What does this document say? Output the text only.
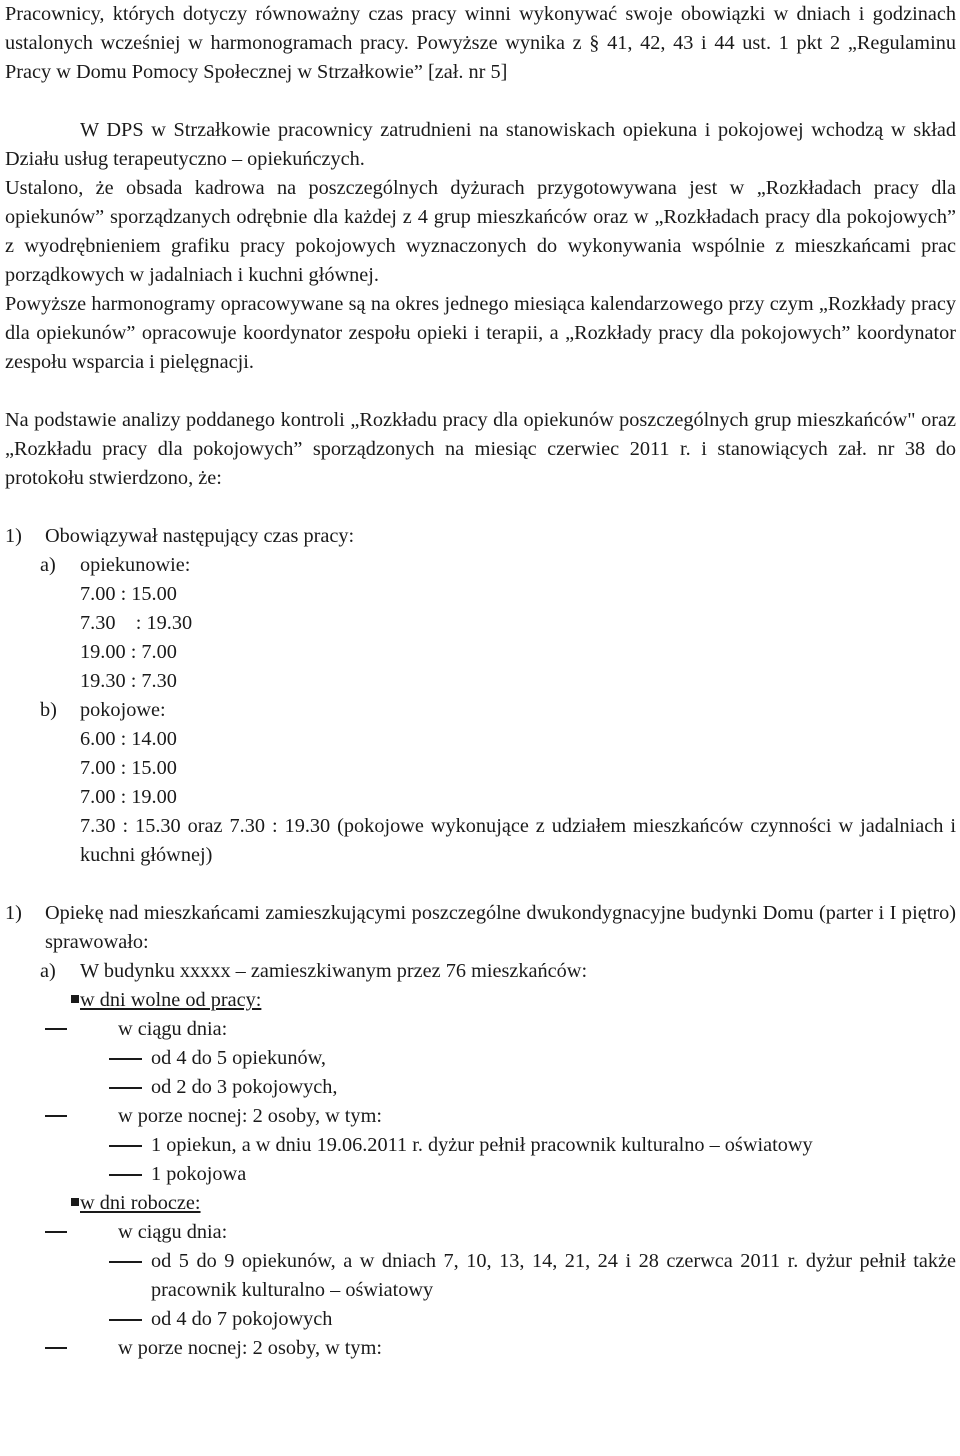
Pracownicy, których dotyczy równoważny czas pracy winni wykonywać swoje obowiązki w dniach i godzinach ustalonych wcześniej w harmonogramach pracy. Powyższe wynika z § 41, 42, 43 i 44 ust. 1 pkt 2 „Regulaminu Pracy w Domu Pomocy Społecznej w Strzałkowie” [zał. nr 5]

W DPS w Strzałkowie pracownicy zatrudnieni na stanowiskach opiekuna i pokojowej wchodzą w skład Działu usług terapeutyczno – opiekuńczych.

Ustalono, że obsada kadrowa na poszczególnych dyżurach przygotowywana jest w „Rozkładach pracy dla opiekunów” sporządzanych odrębnie dla każdej z 4 grup mieszkańców oraz w „Rozkładach pracy dla pokojowych” z wyodrębnieniem grafiku pracy pokojowych wyznaczonych do wykonywania wspólnie z mieszkańcami prac porządkowych w jadalniach i kuchni głównej.

Powyższe harmonogramy opracowywane są na okres jednego miesiąca kalendarzowego przy czym „Rozkłady pracy dla opiekunów” opracowuje koordynator zespołu opieki i terapii, a „Rozkłady pracy dla pokojowych” koordynator zespołu wsparcia i pielęgnacji.

Na podstawie analizy poddanego kontroli „Rozkładu pracy dla opiekunów poszczególnych grup mieszkańców" oraz „Rozkładu pracy dla pokojowych” sporządzonych na miesiąc czerwiec 2011 r. i stanowiących zał. nr 38 do protokołu stwierdzono, że:

1) Obowiązywał następujący czas pracy:
a) opiekunowie:
7.00 : 15.00
7.30    : 19.30
19.00 : 7.00
19.30 : 7.30
b) pokojowe:
6.00 : 14.00
7.00 : 15.00
7.00 : 19.00

7.30 : 15.30 oraz 7.30 : 19.30 (pokojowe wykonujące z udziałem mieszkańców czynności w jadalniach i kuchni głównej)

1) Opiekę nad mieszkańcami zamieszkującymi poszczególne dwukondygnacyjne budynki Domu (parter i I piętro) sprawowało:

a) W budynku xxxxx – zamieszkiwanym przez 76 mieszkańców:
w dni wolne od pracy:
w ciągu dnia:
od 4 do 5 opiekunów,
od 2 do 3 pokojowych,
w porze nocnej: 2 osoby, w tym:

1 opiekun, a w dniu 19.06.2011 r. dyżur pełnił pracownik kulturalno – oświatowy

1 pokojowa
w dni robocze:
w ciągu dnia:

od 5 do 9 opiekunów, a w dniach 7, 10, 13, 14, 21, 24 i 28 czerwca 2011 r. dyżur pełnił także pracownik kulturalno – oświatowy

od 4 do 7 pokojowych
w porze nocnej: 2 osoby, w tym:
